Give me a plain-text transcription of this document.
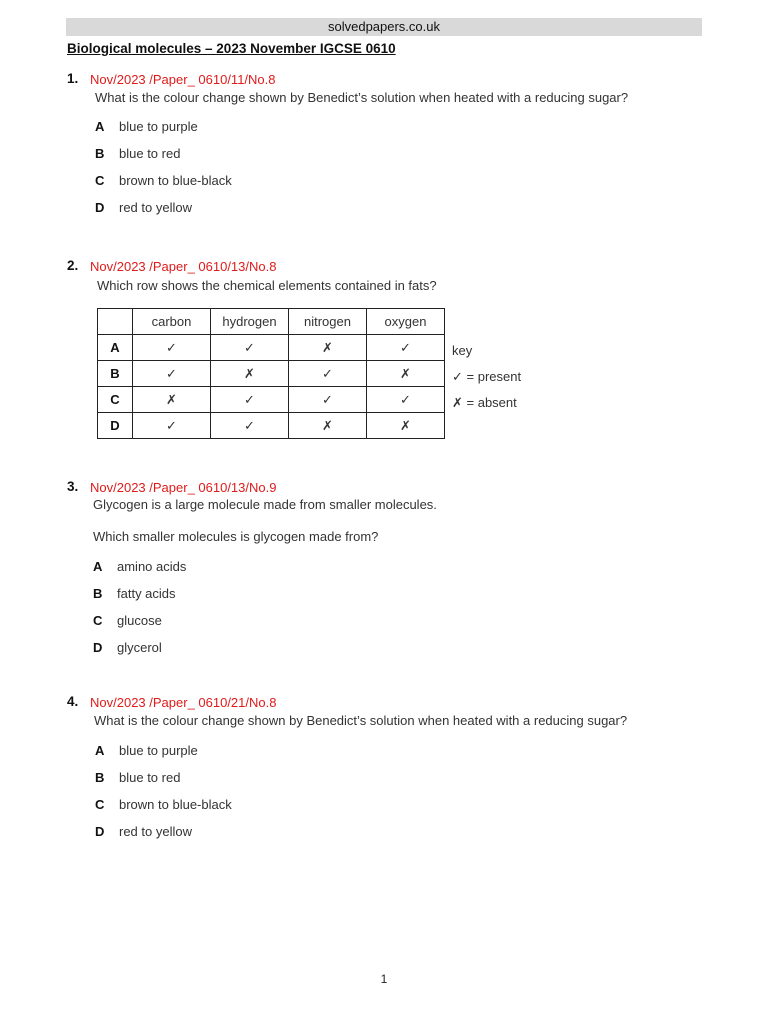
solvedpapers.co.uk
Biological molecules – 2023 November IGCSE 0610
1. Nov/2023 /Paper_ 0610/11/No.8
What is the colour change shown by Benedict’s solution when heated with a reducing sugar?
A blue to purple
B blue to red
C brown to blue-black
D red to yellow
2. Nov/2023 /Paper_ 0610/13/No.8
Which row shows the chemical elements contained in fats?
	carbon	hydrogen	nitrogen	oxygen
A	✓	✓	✗	✓
B	✓	✗	✓	✗
C	✗	✓	✓	✓
D	✓	✓	✗	✗
key
✓ = present
✗ = absent
3. Nov/2023 /Paper_ 0610/13/No.9
Glycogen is a large molecule made from smaller molecules.
Which smaller molecules is glycogen made from?
A amino acids
B fatty acids
C glucose
D glycerol
4. Nov/2023 /Paper_ 0610/21/No.8
What is the colour change shown by Benedict’s solution when heated with a reducing sugar?
A blue to purple
B blue to red
C brown to blue-black
D red to yellow
1
